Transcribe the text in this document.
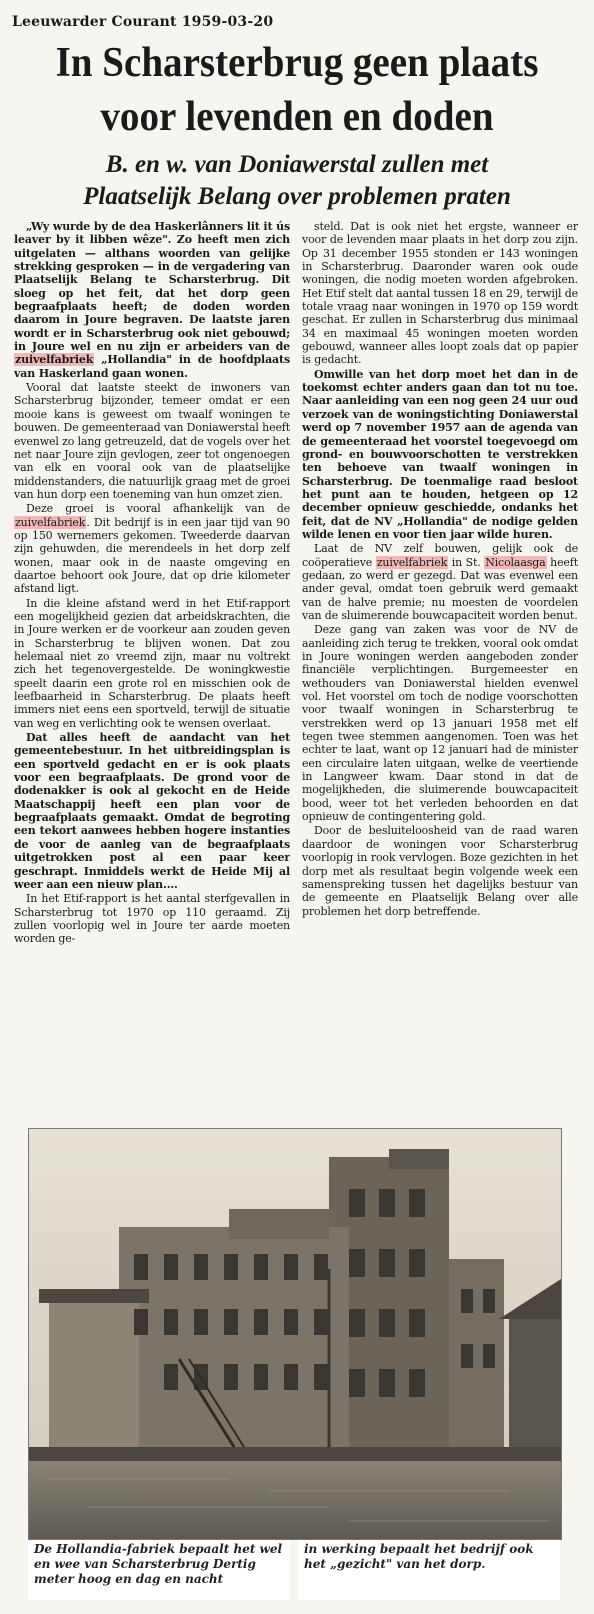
Leeuwarder Courant 1959-03-20
In Scharsterbrug geen plaats
voor levenden en doden
B. en w. van Doniawerstal zullen met
Plaatselijk Belang over problemen praten

„Wy wurde by de dea Haskerlânners lit it ús leaver by it libben wêze". Zo heeft men zich uitgelaten — althans woorden van gelijke strekking gesproken — in de vergadering van Plaatselijk Belang te Scharsterbrug. Dit sloeg op het feit, dat het dorp geen begraafplaats heeft; de doden worden daarom in Joure begraven. De laatste jaren wordt er in Scharsterbrug ook niet gebouwd; in Joure wel en nu zijn er arbeiders van de zuivelfabriek „Hollandia" in de hoofdplaats van Haskerland gaan wonen.

Vooral dat laatste steekt de inwoners van Scharsterbrug bijzonder, temeer omdat er een mooie kans is geweest om twaalf woningen te bouwen. De gemeenteraad van Doniawerstal heeft evenwel zo lang getreuzeld, dat de vogels over het net naar Joure zijn gevlogen, zeer tot ongenoegen van elk en vooral ook van de plaatselijke middenstanders, die natuurlijk graag met de groei van hun dorp een toeneming van hun omzet zien.

Deze groei is vooral afhankelijk van de zuivelfabriek. Dit bedrijf is in een jaar tijd van 90 op 150 wernemers gekomen. Tweederde daarvan zijn gehuwden, die merendeels in het dorp zelf wonen, maar ook in de naaste omgeving en daartoe behoort ook Joure, dat op drie kilometer afstand ligt.

In die kleine afstand werd in het Etif-rapport een mogelijkheid gezien dat arbeidskrachten, die in Joure werken er de voorkeur aan zouden geven in Scharsterbrug te blijven wonen. Dat zou helemaal niet zo vreemd zijn, maar nu voltrekt zich het tegenovergestelde. De woningkwestie speelt daarin een grote rol en misschien ook de leefbaarheid in Scharsterbrug. De plaats heeft immers niet eens een sportveld, terwijl de situatie van weg en verlichting ook te wensen overlaat.

Dat alles heeft de aandacht van het gemeentebestuur. In het uitbreidingsplan is een sportveld gedacht en er is ook plaats voor een begraafplaats. De grond voor de dodenakker is ook al gekocht en de Heide Maatschappij heeft een plan voor de begraafplaats gemaakt. Omdat de begroting een tekort aanwees hebben hogere instanties de voor de aanleg van de begraafplaats uitgetrokken post al een paar keer geschrapt. Inmiddels werkt de Heide Mij al weer aan een nieuw plan....

In het Etif-rapport is het aantal sterfgevallen in Scharsterbrug tot 1970 op 110 geraamd. Zij zullen voorlopig wel in Joure ter aarde moeten worden ge-

steld. Dat is ook niet het ergste, wanneer er voor de levenden maar plaats in het dorp zou zijn. Op 31 december 1955 stonden er 143 woningen in Scharsterbrug. Daaronder waren ook oude woningen, die nodig moeten worden afgebroken. Het Etif stelt dat aantal tussen 18 en 29, terwijl de totale vraag naar woningen in 1970 op 159 wordt geschat. Er zullen in Scharsterbrug dus minimaal 34 en maximaal 45 woningen moeten worden gebouwd, wanneer alles loopt zoals dat op papier is gedacht.

Omwille van het dorp moet het dan in de toekomst echter anders gaan dan tot nu toe. Naar aanleiding van een nog geen 24 uur oud verzoek van de woningstichting Doniawerstal werd op 7 november 1957 aan de agenda van de gemeenteraad het voorstel toegevoegd om grond- en bouwvoorschotten te verstrekken ten behoeve van twaalf woningen in Scharsterbrug. De toenmalige raad besloot het punt aan te houden, hetgeen op 12 december opnieuw geschiedde, ondanks het feit, dat de NV „Hollandia" de nodige gelden wilde lenen en voor tien jaar wilde huren.

Laat de NV zelf bouwen, gelijk ook de coöperatieve zuivelfabriek in St. Nicolaasga heeft gedaan, zo werd er gezegd. Dat was evenwel een ander geval, omdat toen gebruik werd gemaakt van de halve premie; nu moesten de voordelen van de sluimerende bouwcapaciteit worden benut.

Deze gang van zaken was voor de NV de aanleiding zich terug te trekken, vooral ook omdat in Joure woningen werden aangeboden zonder financiële verplichtingen. Burgemeester en wethouders van Doniawerstal hielden evenwel vol. Het voorstel om toch de nodige voorschotten voor twaalf woningen in Scharsterbrug te verstrekken werd op 13 januari 1958 met elf tegen twee stemmen aangenomen. Toen was het echter te laat, want op 12 januari had de minister een circulaire laten uitgaan, welke de veertiende in Langweer kwam. Daar stond in dat de mogelijkheden, die sluimerende bouwcapaciteit bood, weer tot het verleden behoorden en dat opnieuw de contingentering gold.

Door de besluiteloosheid van de raad waren daardoor de woningen voor Scharsterbrug voorlopig in rook vervlogen. Boze gezichten in het dorp met als resultaat begin volgende week een samenspreking tussen het dagelijks bestuur van de gemeente en Plaatselijk Belang over alle problemen het dorp betreffende.

De Hollandia-fabriek bepaalt het wel en wee van Scharsterbrug Dertig meter hoog en dag en nacht
in werking bepaalt het bedrijf ook het „gezicht" van het dorp.
